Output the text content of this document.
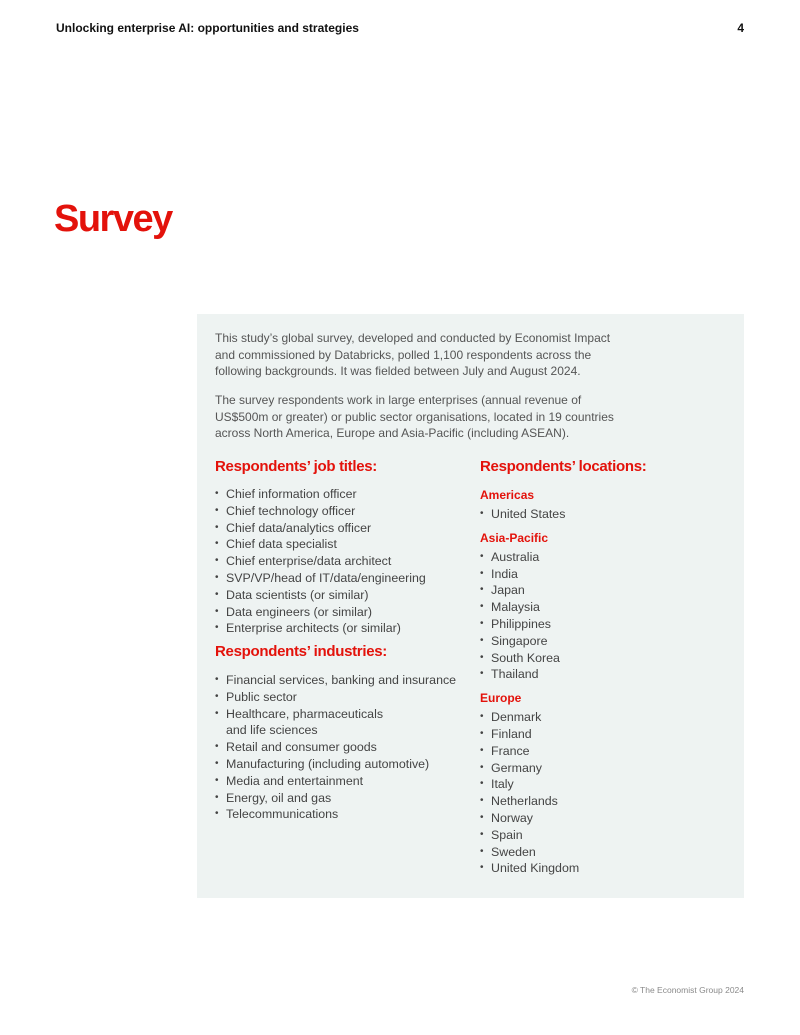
Unlocking enterprise AI: opportunities and strategies	4
Survey

This study’s global survey, developed and conducted by Economist Impact and commissioned by Databricks, polled 1,100 respondents across the following backgrounds. It was fielded between July and August 2024.

The survey respondents work in large enterprises (annual revenue of US$500m or greater) or public sector organisations, located in 19 countries across North America, Europe and Asia-Pacific (including ASEAN).

Respondents’ job titles:
• Chief information officer
• Chief technology officer
• Chief data/analytics officer
• Chief data specialist
• Chief enterprise/data architect
• SVP/VP/head of IT/data/engineering
• Data scientists (or similar)
• Data engineers (or similar)
• Enterprise architects (or similar)
Respondents’ industries:
• Financial services, banking and insurance
• Public sector
• Healthcare, pharmaceuticals
and life sciences
• Retail and consumer goods
• Manufacturing (including automotive)
• Media and entertainment
• Energy, oil and gas
• Telecommunications
Respondents’ locations:
Americas
• United States
Asia-Pacific
• Australia
• India
• Japan
• Malaysia
• Philippines
• Singapore
• South Korea
• Thailand
Europe
• Denmark
• Finland
• France
• Germany
• Italy
• Netherlands
• Norway
• Spain
• Sweden
• United Kingdom
© The Economist Group 2024
